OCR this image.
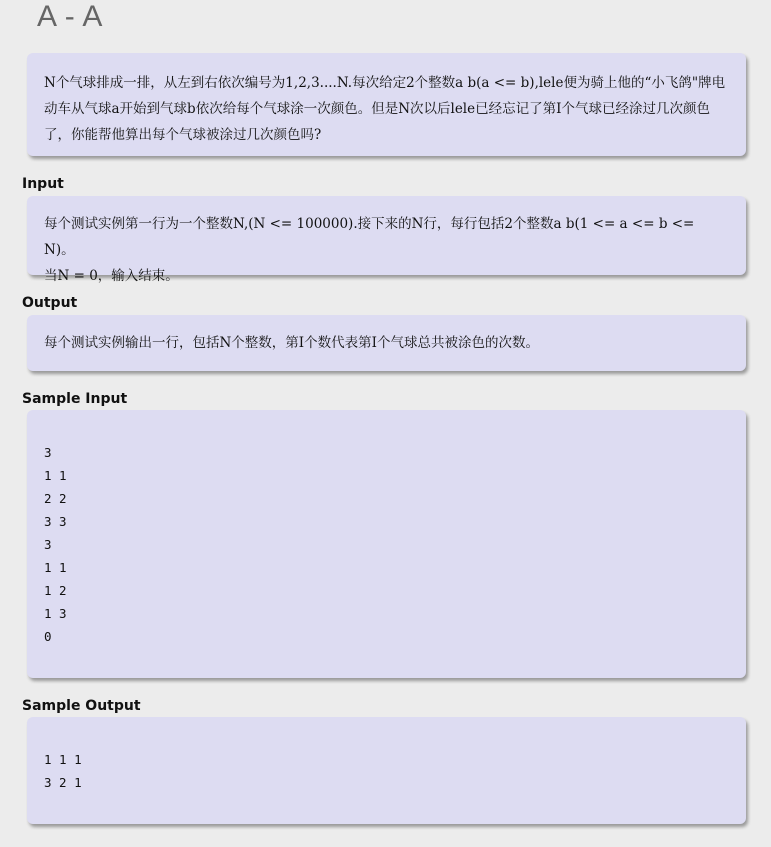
A - A
N个气球排成一排，从左到右依次编号为1,2,3....N.每次给定2个整数a b(a <= b),lele便为骑上他的“小飞鸽"牌电动车从气球a开始到气球b依次给每个气球涂一次颜色。但是N次以后lele已经忘记了第I个气球已经涂过几次颜色了，你能帮他算出每个气球被涂过几次颜色吗?
Input
每个测试实例第一行为一个整数N,(N <= 100000).接下来的N行，每行包括2个整数a b(1 <= a <= b <= N)。
当N = 0，输入结束。
Output
每个测试实例输出一行，包括N个整数，第I个数代表第I个气球总共被涂色的次数。
Sample Input
3
1 1
2 2
3 3
3
1 1
1 2
1 3
0
Sample Output
1 1 1
3 2 1
